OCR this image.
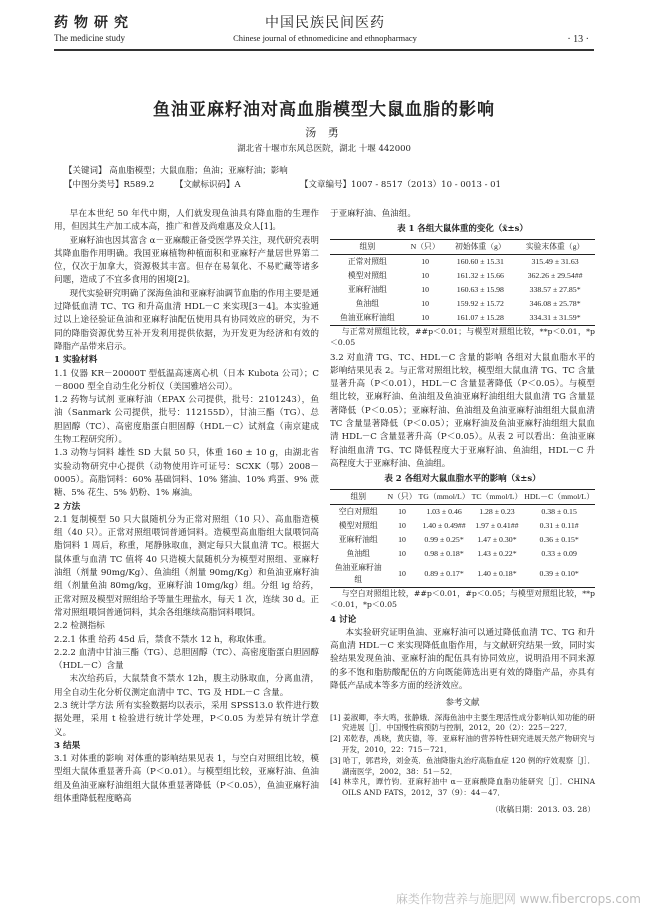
药物研究
The medicine study
中国民族民间医药
Chinese journal of ethnomedicine and ethnopharmacy	· 13 ·
鱼油亚麻籽油对高血脂模型大鼠血脂的影响
汤 勇
湖北省十堰市东风总医院，湖北 十堰 442000
【关键词】 高血脂模型；大鼠血脂；鱼油；亚麻籽油；影响
【中图分类号】R589.2 【文献标识码】A	【文章编号】1007 - 8517（2013）10 - 0013 - 01

早在本世纪 50 年代中期，人们就发现鱼油具有降血脂的生理作用，但因其生产加工成本高，推广和普及尚难惠及众人[1]。

亚麻籽油也因其富含 α－亚麻酸正备受医学界关注，现代研究表明其降血脂作用明确。我国亚麻植物种植面积和亚麻籽产量居世界第二位，仅次于加拿大，资源极其丰富。但存在易氧化、不易贮藏等诸多问题，造成了不宜多食用的困境[2]。

现代实验研究明确了深海鱼油和亚麻籽油调节血脂的作用主要是通过降低血清 TC、TG 和升高血清 HDL－C 来实现[3－4]。本实验通过以上途径验证鱼油和亚麻籽油配伍使用具有协同效应的研究，为不同的降脂资源优势互补开发利用提供依据，为开发更为经济和有效的降脂产品带来启示。

1 实验材料

1.1 仪器 KR－20000T 型低温高速离心机（日本 Kubota 公司）；C－8000 型全自动生化分析仪（美国雅培公司）。

1.2 药物与试剂 亚麻籽油（EPAX 公司提供，批号：2101243），鱼油（Sanmark 公司提供，批号：112155D），甘油三酯（TG）、总胆固醇（TC）、高密度脂蛋白胆固醇（HDL－C）试剂盒（南京建成生物工程研究所）。

1.3 动物与饲料 雄性 SD 大鼠 50 只，体重 160 ± 10 g，由湖北省实验动物研究中心提供（动物使用许可证号：SCXK（鄂）2008－0005）。高脂饲料：60% 基础饲料、10% 猪油、10% 鸡蛋、9% 蔗糖、5% 花生、5% 奶粉、1% 麻油。

2 方法

2.1 复制模型 50 只大鼠随机分为正常对照组（10 只）、高血脂造模组（40 只）。正常对照组喂饲普通饲料。造模型高血脂组大鼠喂饲高脂饲料 1 周后，称重，尾静脉取血，测定每只大鼠血清 TC。根据大鼠体重与血清 TC 值将 40 只造模大鼠随机分为模型对照组、亚麻籽油组（剂量 90mg/Kg）、鱼油组（剂量 90mg/Kg）和鱼油亚麻籽油组（剂量鱼油 80mg/kg，亚麻籽油 10mg/kg）组。分组 ig 给药，正常对照及模型对照组给予等量生理盐水，每天 1 次，连续 30 d。正常对照组喂饲普通饲料，其余各组继续高脂饲料喂饲。

2.2 检测指标

2.2.1 体重 给药 45d 后，禁食不禁水 12 h，称取体重。

2.2.2 血清中甘油三酯（TG）、总胆固醇（TC）、高密度脂蛋白胆固醇（HDL－C）含量

末次给药后，大鼠禁食不禁水 12h，腹主动脉取血，分离血清，用全自动生化分析仪测定血清中 TC、TG 及 HDL－C 含量。

2.3 统计学方法 所有实验数据均以表示，采用 SPSS13.0 软件进行数据处理，采用 t 检验进行统计学处理，P＜0.05 为差异有统计学意义。

3 结果

3.1 对体重的影响 对体重的影响结果见表 1，与空白对照组比较，模型组大鼠体重显著升高（P＜0.01）。与模型组比较，亚麻籽油、鱼油组及鱼油亚麻籽油组组大鼠体重显著降低（P＜0.05），鱼油亚麻籽油组体重降低程度略高

于亚麻籽油、鱼油组。

表 1 各组大鼠体重的变化（x̄±s）
组别	N（只）	初始体重（g）	实验末体重（g）
正常对照组	10	160.60 ± 15.31	315.49 ± 31.63
模型对照组	10	161.32 ± 15.66	362.26 ± 29.54##
亚麻籽油组	10	160.63 ± 15.98	338.57 ± 27.85*
鱼油组	10	159.92 ± 15.72	346.08 ± 25.78*
鱼油亚麻籽油组	10	161.07 ± 15.28	334.31 ± 31.59*
与正常对照组比较，##p＜0.01；与模型对照组比较，**p＜0.01，*p＜0.05

3.2 对血清 TG、TC、HDL－C 含量的影响 各组对大鼠血脂水平的影响结果见表 2。与正常对照组比较，模型组大鼠血清 TG、TC 含量显著升高（P＜0.01），HDL－C 含量显著降低（P＜0.05）。与模型组比较，亚麻籽油、鱼油组及鱼油亚麻籽油组组大鼠血清 TG 含量显著降低（P＜0.05）；亚麻籽油、鱼油组及鱼油亚麻籽油组组大鼠血清 TC 含量显著降低（P＜0.05）；亚麻籽油及鱼油亚麻籽油组组大鼠血清 HDL－C 含量显著升高（P＜0.05）。从表 2 可以看出：鱼油亚麻籽油组血清 TG、TC 降低程度大于亚麻籽油、鱼油组，HDL－C 升高程度大于亚麻籽油、鱼油组。

表 2 各组对大鼠血脂水平的影响（x̄±s）
组别	N（只）	TG（mmol/L）	TC（mmol/L）	HDL－C（mmol/L）
空白对照组	10	1.03 ± 0.46	1.28 ± 0.23	0.38 ± 0.15
模型对照组	10	1.40 ± 0.49##	1.97 ± 0.41##	0.31 ± 0.11#
亚麻籽油组	10	0.99 ± 0.25*	1.47 ± 0.30*	0.36 ± 0.15*
鱼油组	10	0.98 ± 0.18*	1.43 ± 0.22*	0.33 ± 0.09
鱼油亚麻籽油组	10	0.89 ± 0.17*	1.40 ± 0.18*	0.39 ± 0.10*
与空白对照组比较，##p＜0.01，#p＜0.05；与模型对照组比较，**p＜0.01，*p＜0.05

4 讨论

本实验研究证明鱼油、亚麻籽油可以通过降低血清 TC、TG 和升高血清 HDL－C 来实现降低血脂作用，与文献研究结果一致，同时实验结果发现鱼油、亚麻籽油的配伍具有协同效应，说明沿用不同来源的多不饱和脂肪酸配伍的方向既能筛选出更有效的降脂产品，亦具有降低产品成本等多方面的经济效应。

参考文献
[1] 姜淑卿，李大鸣，张静娥．深海鱼油中主要生理活性成分影响认知功能的研究进展［J］．中国慢性病预防与控制，2012，20（2）：225－227．
[2] 邓乾春，禹晓，黄庆德，等．亚麻籽油的营养特性研究进展天然产物研究与开发，2010，22：715－721．
[3] 哈丁，郭君玲，刘金英．鱼油降脂丸治疗高脂血症 120 例的疗效观察［J］．湖南医学，2002，38：51－52．
[4] 林幸凡，谭竹钧．亚麻籽油中 α－亚麻酸降血脂功能研究［J］．CHINA OILS AND FATS，2012，37（9）：44－47．
（收稿日期：2013. 03. 28）
麻类作物营养与施肥网 www.fibercrops.com
